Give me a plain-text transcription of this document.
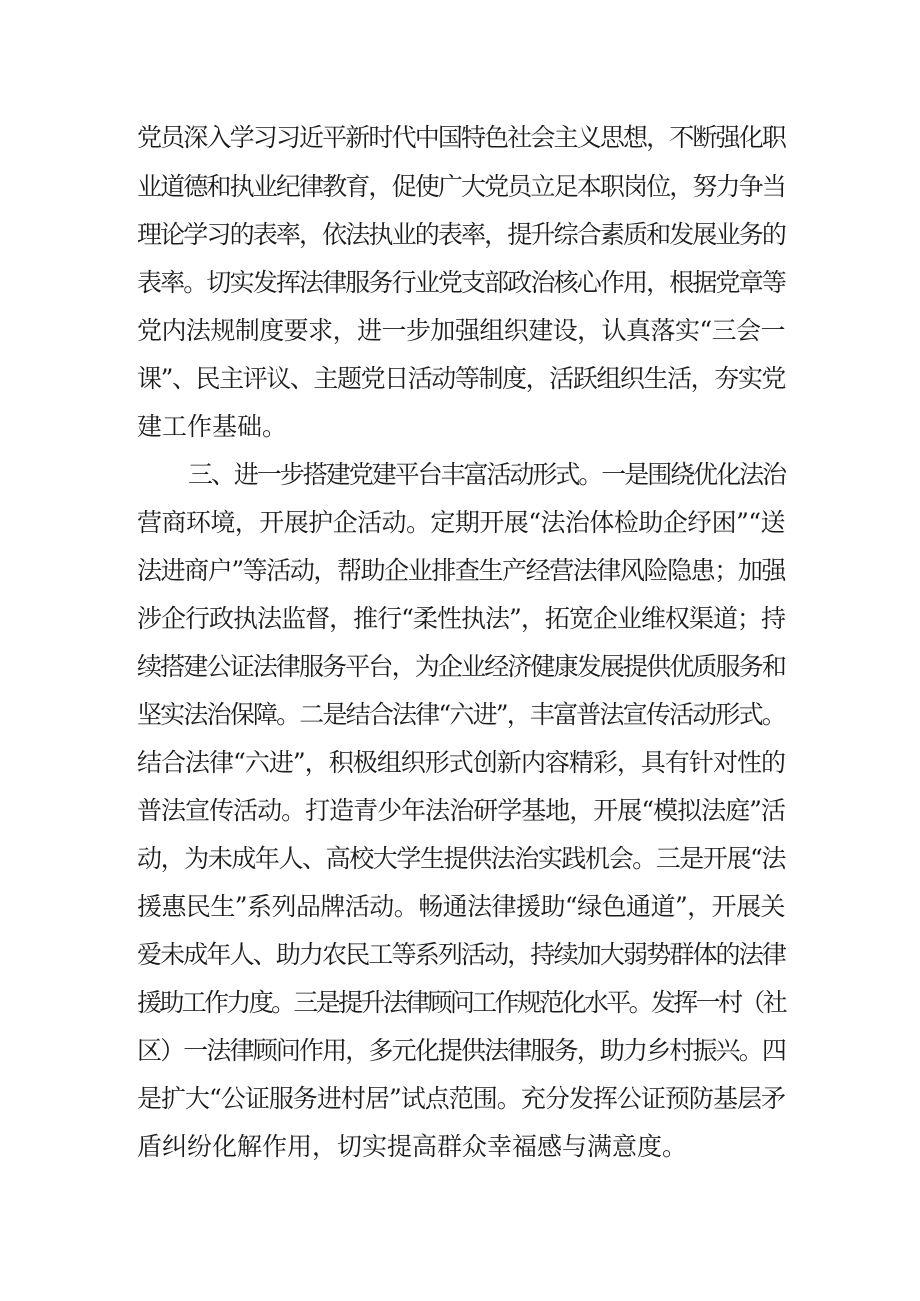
党员深入学习习近平新时代中国特色社会主义思想，不断强化职
业道德和执业纪律教育，促使广大党员立足本职岗位，努力争当
理论学习的表率，依法执业的表率，提升综合素质和发展业务的
表率。切实发挥法律服务行业党支部政治核心作用，根据党章等
党内法规制度要求，进一步加强组织建设，认真落实“三会一
课”、民主评议、主题党日活动等制度，活跃组织生活，夯实党
建工作基础。
三、进一步搭建党建平台丰富活动形式。一是围绕优化法治
营商环境，开展护企活动。定期开展“法治体检助企纾困”“送
法进商户”等活动，帮助企业排查生产经营法律风险隐患；加强
涉企行政执法监督，推行“柔性执法”，拓宽企业维权渠道；持
续搭建公证法律服务平台，为企业经济健康发展提供优质服务和
坚实法治保障。二是结合法律“六进”，丰富普法宣传活动形式。
结合法律“六进”，积极组织形式创新内容精彩，具有针对性的
普法宣传活动。打造青少年法治研学基地，开展“模拟法庭”活
动，为未成年人、高校大学生提供法治实践机会。三是开展“法
援惠民生”系列品牌活动。畅通法律援助“绿色通道”，开展关
爱未成年人、助力农民工等系列活动，持续加大弱势群体的法律
援助工作力度。三是提升法律顾问工作规范化水平。发挥一村（社
区）一法律顾问作用，多元化提供法律服务，助力乡村振兴。四
是扩大“公证服务进村居”试点范围。充分发挥公证预防基层矛
盾纠纷化解作用，切实提高群众幸福感与满意度。
